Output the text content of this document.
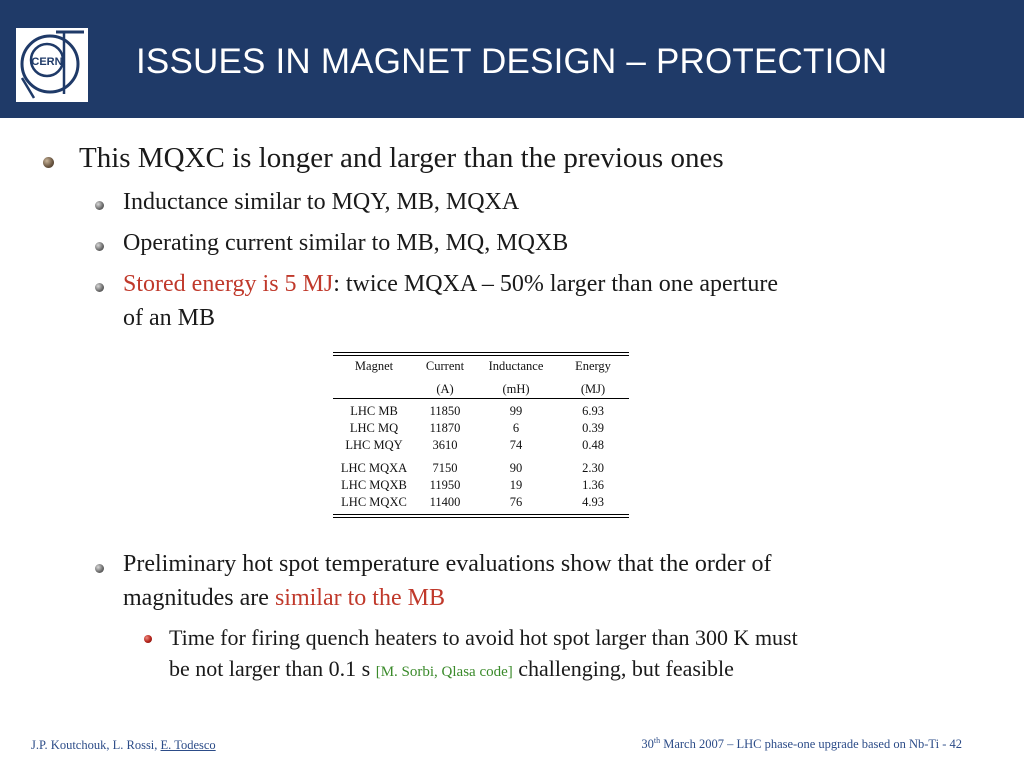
CERN ISSUES IN MAGNET DESIGN – PROTECTION
This MQXC is longer and larger than the previous ones
Inductance similar to MQY, MB, MQXA
Operating current similar to MB, MQ, MQXB
Stored energy is 5 MJ: twice MQXA – 50% larger than one aperture
of an MB
Magnet	Current	Inductance	Energy

	(A)	(mH)	(MJ)

LHC MB	11850	99	6.93
LHC MQ	11870	6	0.39
LHC MQY	3610	74	0.48

LHC MQXA	7150	90	2.30
LHC MQXB	11950	19	1.36
LHC MQXC	11400	76	4.93
Preliminary hot spot temperature evaluations show that the order of
magnitudes are similar to the MB
Time for firing quench heaters to avoid hot spot larger than 300 K must
be not larger than 0.1 s [M. Sorbi, Qlasa code] challenging, but feasible
J.P. Koutchouk, L. Rossi, E. Todesco	30th March 2007 – LHC phase-one upgrade based on Nb-Ti - 42
